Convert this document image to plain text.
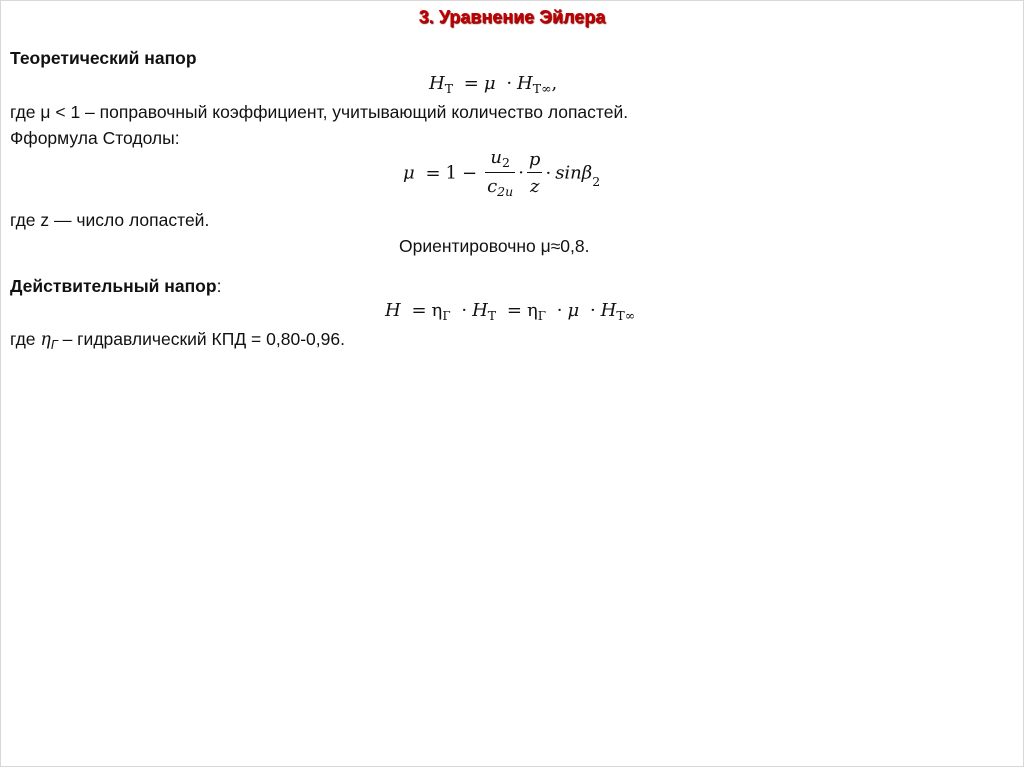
3. Уравнение Эйлера
Теоретический напор
$H_Т = \mu \cdot H_{Т\infty}$,
где μ < 1 – поправочный коэффициент, учитывающий количество лопастей.
Фформула Стодолы:
$\mu = 1 - \frac{u_2}{c_{2u}} \cdot \frac{p}{z} \cdot \sin\beta_2$
где z — число лопастей.
Ориентировочно μ≈0,8.
Действительный напор:
$H = \eta_Г \cdot H_Т = \eta_Г \cdot \mu \cdot H_{Т\infty}$
где $\eta_Г$ – гидравлический КПД = 0,80-0,96.
